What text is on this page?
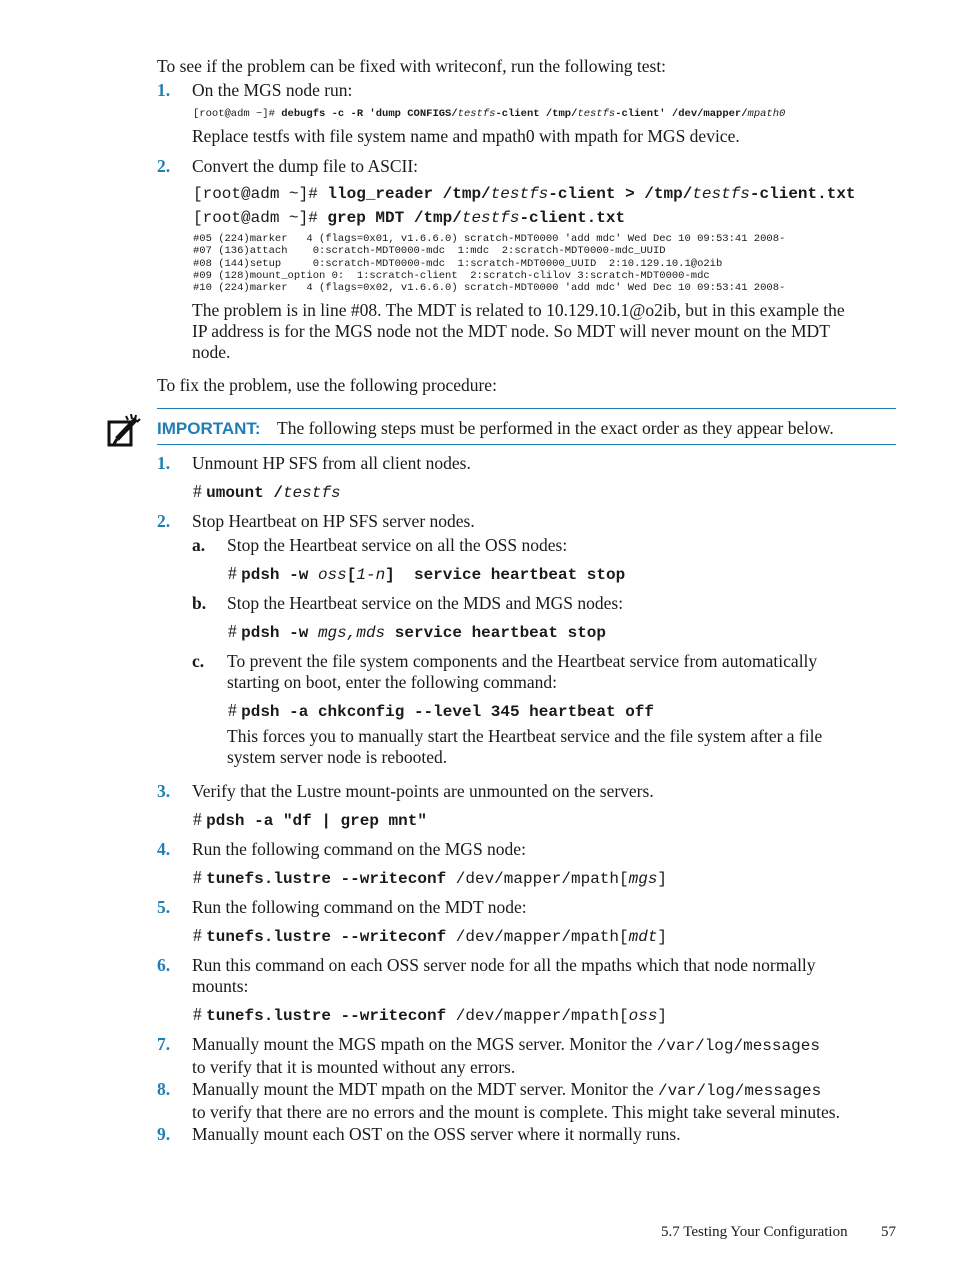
To see if the problem can be fixed with writeconf, run the following test:
1. On the MGS node run:
[root@adm ~]# debugfs -c -R 'dump CONFIGS/testfs-client /tmp/testfs-client' /dev/mapper/mpath0
Replace testfs with file system name and mpath0 with mpath for MGS device.
2. Convert the dump file to ASCII:
[root@adm ~]# llog_reader /tmp/testfs-client > /tmp/testfs-client.txt
[root@adm ~]# grep MDT /tmp/testfs-client.txt
#05 (224)marker   4 (flags=0x01, v1.6.6.0) scratch-MDT0000 'add mdc' Wed Dec 10 09:53:41 2008-
#07 (136)attach    0:scratch-MDT0000-mdc  1:mdc  2:scratch-MDT0000-mdc_UUID
#08 (144)setup     0:scratch-MDT0000-mdc  1:scratch-MDT0000_UUID  2:10.129.10.1@o2ib
#09 (128)mount_option 0:  1:scratch-client  2:scratch-clilov 3:scratch-MDT0000-mdc
#10 (224)marker   4 (flags=0x02, v1.6.6.0) scratch-MDT0000 'add mdc' Wed Dec 10 09:53:41 2008-
The problem is in line #08. The MDT is related to 10.129.10.1@o2ib, but in this example the
IP address is for the MGS node not the MDT node. So MDT will never mount on the MDT
node.
To fix the problem, use the following procedure:
IMPORTANT: The following steps must be performed in the exact order as they appear below.
1. Unmount HP SFS from all client nodes.
# umount /testfs
2. Stop Heartbeat on HP SFS server nodes.
a. Stop the Heartbeat service on all the OSS nodes:
# pdsh -w oss[1-n]  service heartbeat stop
b. Stop the Heartbeat service on the MDS and MGS nodes:
# pdsh -w mgs,mds service heartbeat stop
c. To prevent the file system components and the Heartbeat service from automatically
starting on boot, enter the following command:
# pdsh -a chkconfig --level 345 heartbeat off
This forces you to manually start the Heartbeat service and the file system after a file
system server node is rebooted.
3. Verify that the Lustre mount-points are unmounted on the servers.
# pdsh -a "df | grep mnt"
4. Run the following command on the MGS node:
# tunefs.lustre --writeconf /dev/mapper/mpath[mgs]
5. Run the following command on the MDT node:
# tunefs.lustre --writeconf /dev/mapper/mpath[mdt]
6. Run this command on each OSS server node for all the mpaths which that node normally
mounts:
# tunefs.lustre --writeconf /dev/mapper/mpath[oss]
7. Manually mount the MGS mpath on the MGS server. Monitor the /var/log/messages
to verify that it is mounted without any errors.
8. Manually mount the MDT mpath on the MDT server. Monitor the /var/log/messages
to verify that there are no errors and the mount is complete. This might take several minutes.
9. Manually mount each OST on the OSS server where it normally runs.
5.7 Testing Your Configuration 57
